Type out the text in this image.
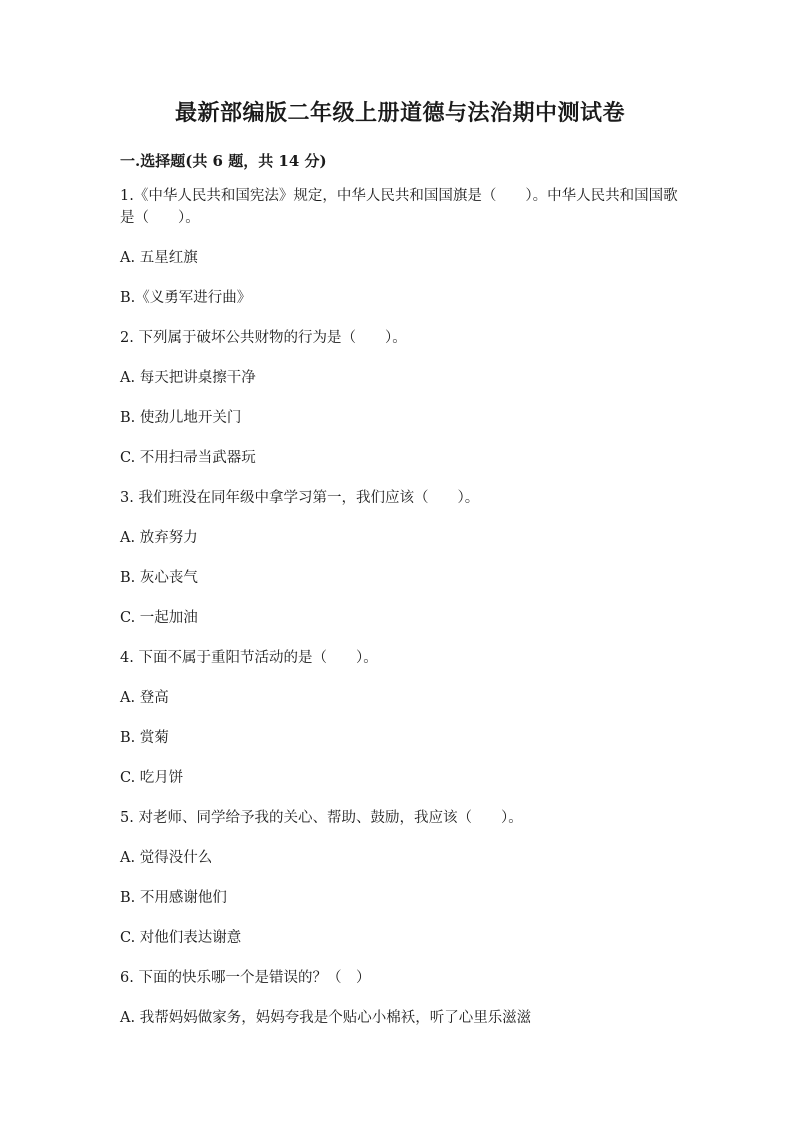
最新部编版二年级上册道德与法治期中测试卷
一.选择题(共 6 题，共 14 分)

1.《中华人民共和国宪法》规定，中华人民共和国国旗是（　　）。中华人民共和国国歌是（　　）。

A. 五星红旗

B.《义勇军进行曲》

2. 下列属于破坏公共财物的行为是（　　）。

A. 每天把讲桌擦干净

B. 使劲儿地开关门

C. 不用扫帚当武器玩

3. 我们班没在同年级中拿学习第一，我们应该（　　）。

A. 放弃努力

B. 灰心丧气

C. 一起加油

4. 下面不属于重阳节活动的是（　　）。

A. 登高

B. 赏菊

C. 吃月饼

5. 对老师、同学给予我的关心、帮助、鼓励，我应该（　　）。

A. 觉得没什么

B. 不用感谢他们

C. 对他们表达谢意

6. 下面的快乐哪一个是错误的？（　）

A. 我帮妈妈做家务，妈妈夸我是个贴心小棉袄，听了心里乐滋滋
